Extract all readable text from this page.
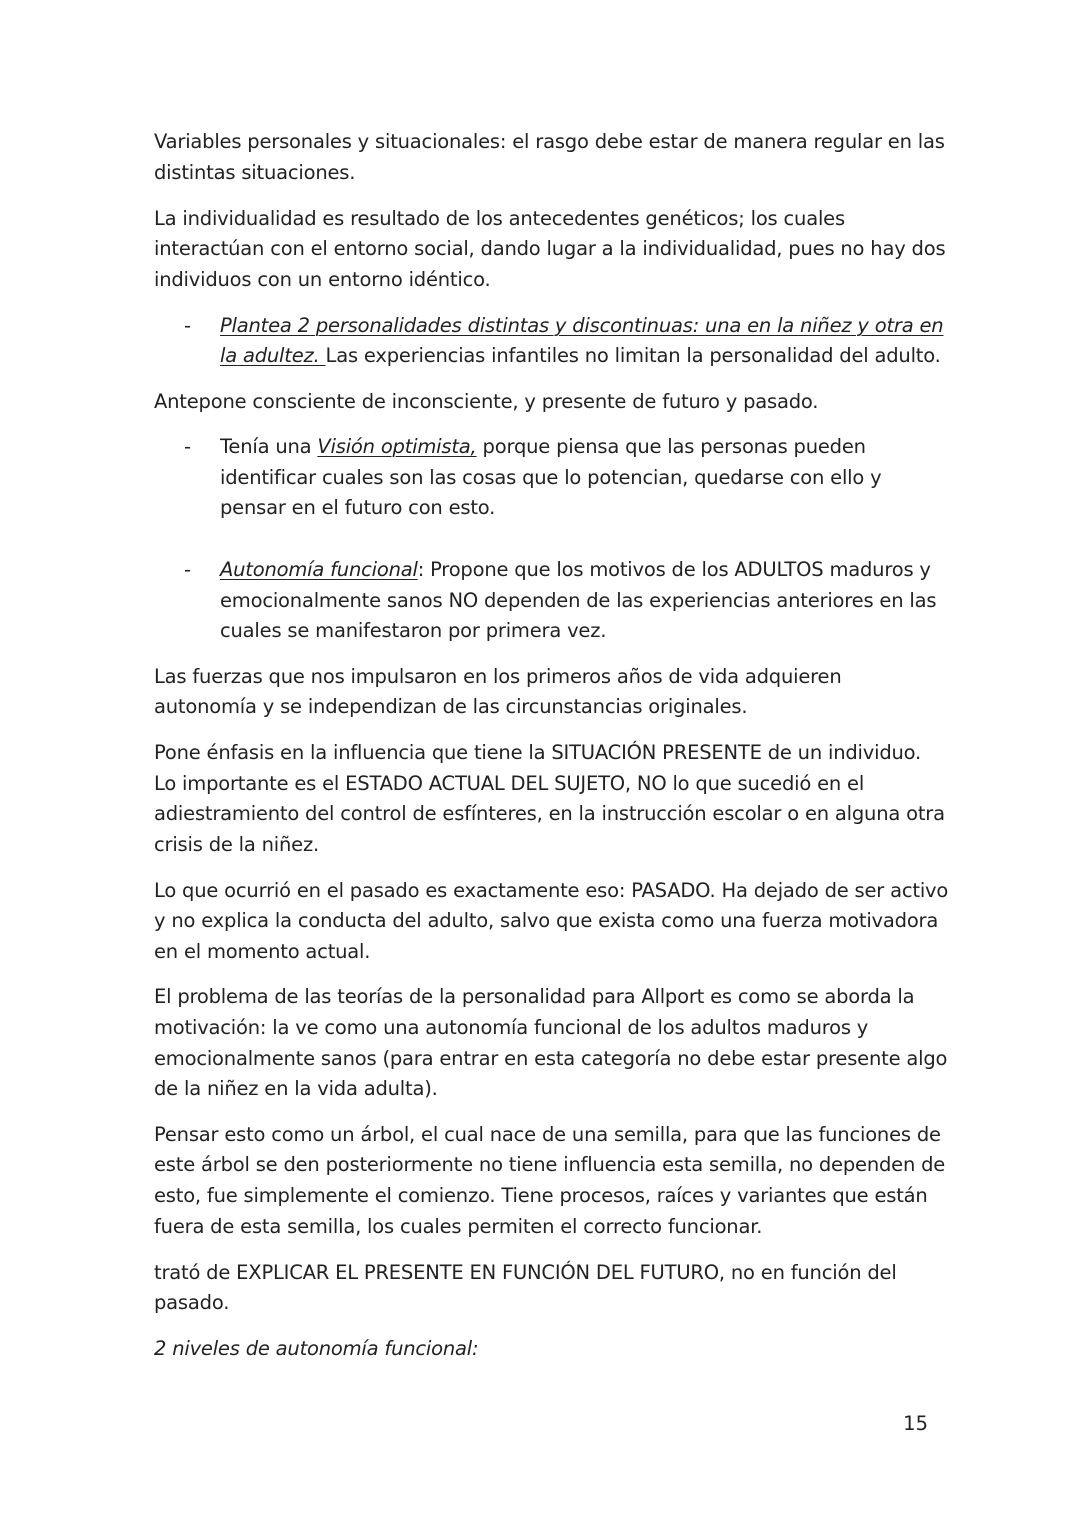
Variables personales y situacionales: el rasgo debe estar de manera regular en las
distintas situaciones.
La individualidad es resultado de los antecedentes genéticos; los cuales
interactúan con el entorno social, dando lugar a la individualidad, pues no hay dos
individuos con un entorno idéntico.
- Plantea 2 personalidades distintas y discontinuas: una en la niñez y otra en
la adultez. Las experiencias infantiles no limitan la personalidad del adulto.
Antepone consciente de inconsciente, y presente de futuro y pasado.
- Tenía una Visión optimista, porque piensa que las personas pueden
identificar cuales son las cosas que lo potencian, quedarse con ello y
pensar en el futuro con esto.
- Autonomía funcional: Propone que los motivos de los ADULTOS maduros y
emocionalmente sanos NO dependen de las experiencias anteriores en las
cuales se manifestaron por primera vez.
Las fuerzas que nos impulsaron en los primeros años de vida adquieren
autonomía y se independizan de las circunstancias originales.
Pone énfasis en la influencia que tiene la SITUACIÓN PRESENTE de un individuo.
Lo importante es el ESTADO ACTUAL DEL SUJETO, NO lo que sucedió en el
adiestramiento del control de esfínteres, en la instrucción escolar o en alguna otra
crisis de la niñez.
Lo que ocurrió en el pasado es exactamente eso: PASADO. Ha dejado de ser activo
y no explica la conducta del adulto, salvo que exista como una fuerza motivadora
en el momento actual.
El problema de las teorías de la personalidad para Allport es como se aborda la
motivación: la ve como una autonomía funcional de los adultos maduros y
emocionalmente sanos (para entrar en esta categoría no debe estar presente algo
de la niñez en la vida adulta).
Pensar esto como un árbol, el cual nace de una semilla, para que las funciones de
este árbol se den posteriormente no tiene influencia esta semilla, no dependen de
esto, fue simplemente el comienzo. Tiene procesos, raíces y variantes que están
fuera de esta semilla, los cuales permiten el correcto funcionar.
trató de EXPLICAR EL PRESENTE EN FUNCIÓN DEL FUTURO, no en función del
pasado.
2 niveles de autonomía funcional:
15
